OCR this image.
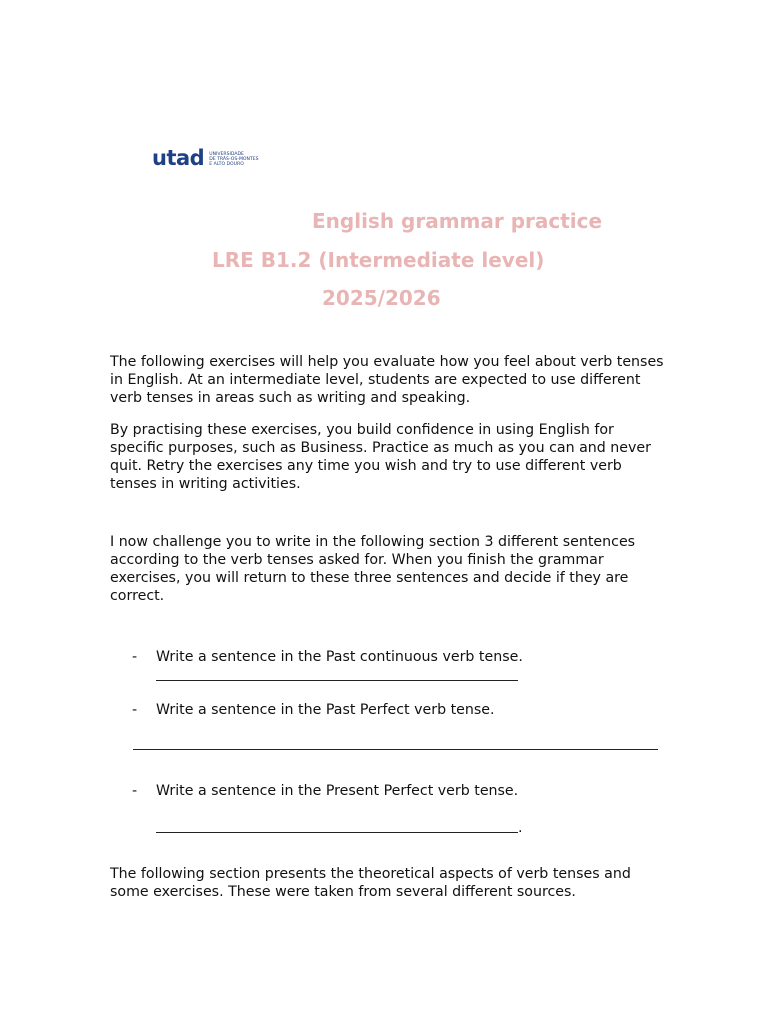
utad UNIVERSIDADE
DE TRÁS-OS-MONTES
E ALTO DOURO
English grammar practice
LRE B1.2 (Intermediate level)
2025/2026

The following exercises will help you evaluate how you feel about verb tenses in English. At an intermediate level, students are expected to use different verb tenses in areas such as writing and speaking.

By practising these exercises, you build confidence in using English for specific purposes, such as Business. Practice as much as you can and never quit. Retry the exercises any time you wish and try to use different verb tenses in writing activities.

I now challenge you to write in the following section 3 different sentences according to the verb tenses asked for. When you finish the grammar exercises, you will return to these three sentences and decide if they are correct.

- Write a sentence in the Past continuous verb tense.
- Write a sentence in the Past Perfect verb tense.
- Write a sentence in the Present Perfect verb tense.
.

The following section presents the theoretical aspects of verb tenses and some exercises. These were taken from several different sources.
